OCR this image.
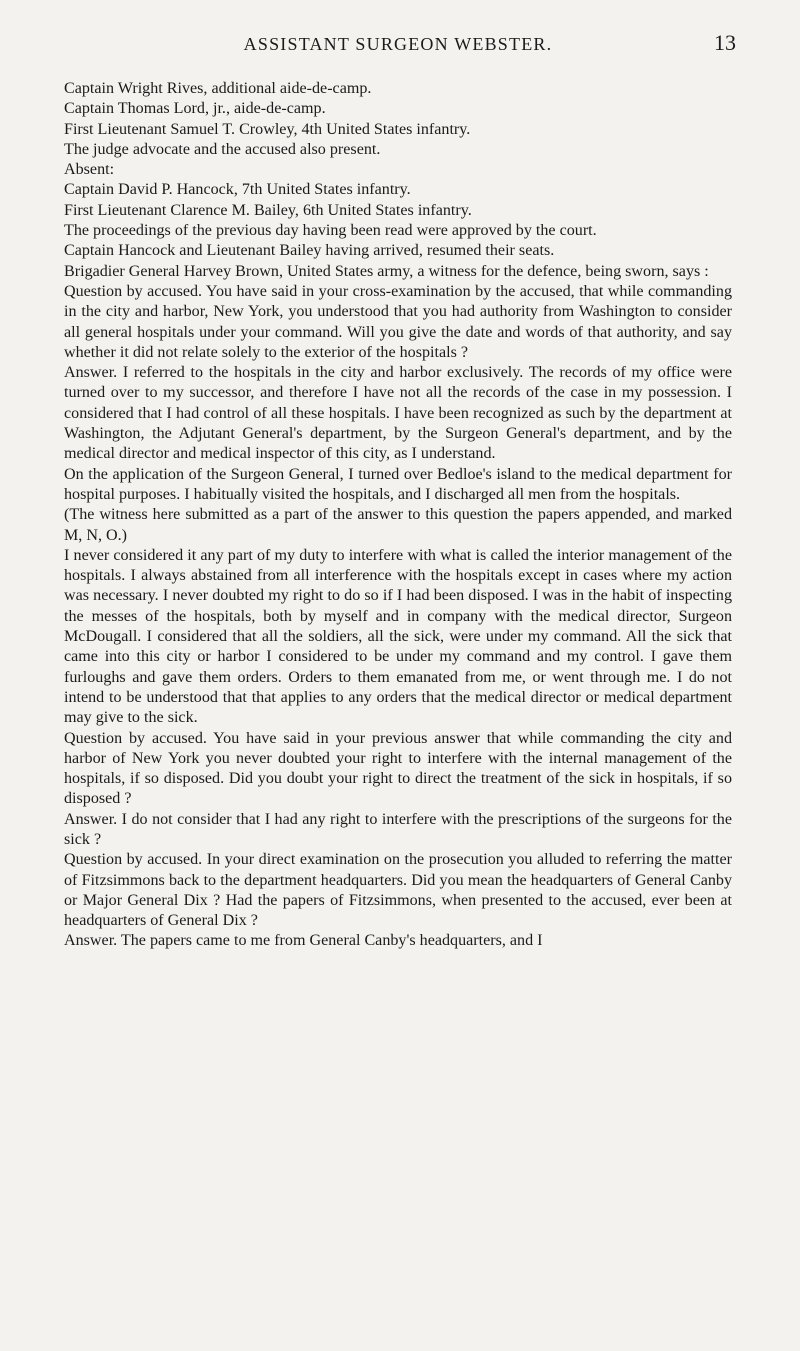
ASSISTANT SURGEON WEBSTER.	13

Captain Wright Rives, additional aide-de-camp.

Captain Thomas Lord, jr., aide-de-camp.

First Lieutenant Samuel T. Crowley, 4th United States infantry.

The judge advocate and the accused also present.

Absent:

Captain David P. Hancock, 7th United States infantry.

First Lieutenant Clarence M. Bailey, 6th United States infantry.

The proceedings of the previous day having been read were approved by the court.

Captain Hancock and Lieutenant Bailey having arrived, resumed their seats.

Brigadier General Harvey Brown, United States army, a witness for the defence, being sworn, says :

Question by accused. You have said in your cross-examination by the accused, that while commanding in the city and harbor, New York, you understood that you had authority from Washington to consider all general hospitals under your command. Will you give the date and words of that authority, and say whether it did not relate solely to the exterior of the hospitals ?

Answer. I referred to the hospitals in the city and harbor exclusively. The records of my office were turned over to my successor, and therefore I have not all the records of the case in my possession. I considered that I had control of all these hospitals. I have been recognized as such by the department at Washington, the Adjutant General's department, by the Surgeon General's department, and by the medical director and medical inspector of this city, as I understand.

On the application of the Surgeon General, I turned over Bedloe's island to the medical department for hospital purposes. I habitually visited the hospitals, and I discharged all men from the hospitals.

(The witness here submitted as a part of the answer to this question the papers appended, and marked M, N, O.)

I never considered it any part of my duty to interfere with what is called the interior management of the hospitals. I always abstained from all interference with the hospitals except in cases where my action was necessary. I never doubted my right to do so if I had been disposed. I was in the habit of inspecting the messes of the hospitals, both by myself and in company with the medical director, Surgeon McDougall. I considered that all the soldiers, all the sick, were under my command. All the sick that came into this city or harbor I considered to be under my command and my control. I gave them furloughs and gave them orders. Orders to them emanated from me, or went through me. I do not intend to be understood that that applies to any orders that the medical director or medical department may give to the sick.

Question by accused. You have said in your previous answer that while commanding the city and harbor of New York you never doubted your right to interfere with the internal management of the hospitals, if so disposed. Did you doubt your right to direct the treatment of the sick in hospitals, if so disposed ?

Answer. I do not consider that I had any right to interfere with the prescriptions of the surgeons for the sick ?

Question by accused. In your direct examination on the prosecution you alluded to referring the matter of Fitzsimmons back to the department headquarters. Did you mean the headquarters of General Canby or Major General Dix ? Had the papers of Fitzsimmons, when presented to the accused, ever been at headquarters of General Dix ?

Answer. The papers came to me from General Canby's headquarters, and I
